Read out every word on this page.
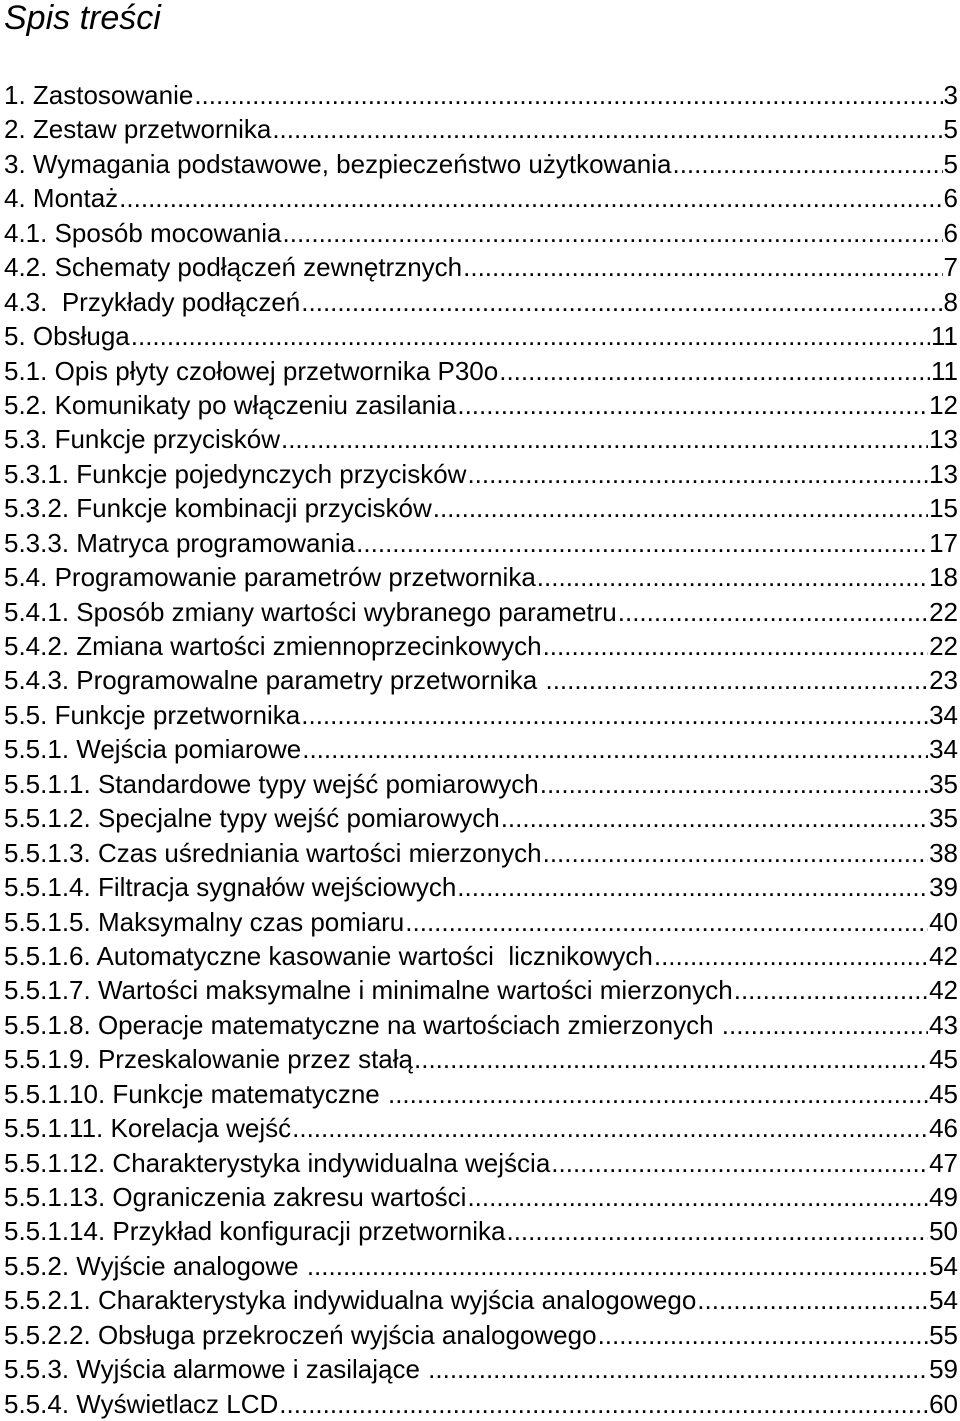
Spis treści
1. Zastosowanie .....	3
2. Zestaw przetwornika .....	5
3. Wymagania podstawowe, bezpieczeństwo użytkowania .....	5
4. Montaż .....	6
4.1. Sposób mocowania .....	6
4.2. Schematy podłączeń zewnętrznych .....	7
4.3.  Przykłady podłączeń .....	8
5. Obsługa .....	11
5.1. Opis płyty czołowej przetwornika P30o .....	11
5.2. Komunikaty po włączeniu zasilania .....	12
5.3. Funkcje przycisków .....	13
5.3.1. Funkcje pojedynczych przycisków .....	13
5.3.2. Funkcje kombinacji przycisków .....	15
5.3.3. Matryca programowania .....	17
5.4. Programowanie parametrów przetwornika .....	18
5.4.1. Sposób zmiany wartości wybranego parametru .....	22
5.4.2. Zmiana wartości zmiennoprzecinkowych .....	22
5.4.3. Programowalne parametry przetwornika .....	23
5.5. Funkcje przetwornika .....	34
5.5.1. Wejścia pomiarowe .....	34
5.5.1.1. Standardowe typy wejść pomiarowych .....	35
5.5.1.2. Specjalne typy wejść pomiarowych .....	35
5.5.1.3. Czas uśredniania wartości mierzonych .....	38
5.5.1.4. Filtracja sygnałów wejściowych .....	39
5.5.1.5. Maksymalny czas pomiaru .....	40
5.5.1.6. Automatyczne kasowanie wartości  licznikowych .....	42
5.5.1.7. Wartości maksymalne i minimalne wartości mierzonych .....	42
5.5.1.8. Operacje matematyczne na wartościach zmierzonych .....	43
5.5.1.9. Przeskalowanie przez stałą .....	45
5.5.1.10. Funkcje matematyczne .....	45
5.5.1.11. Korelacja wejść .....	46
5.5.1.12. Charakterystyka indywidualna wejścia .....	47
5.5.1.13. Ograniczenia zakresu wartości .....	49
5.5.1.14. Przykład konfiguracji przetwornika .....	50
5.5.2. Wyjście analogowe .....	54
5.5.2.1. Charakterystyka indywidualna wyjścia analogowego .....	54
5.5.2.2. Obsługa przekroczeń wyjścia analogowego .....	55
5.5.3. Wyjścia alarmowe i zasilające .....	59
5.5.4. Wyświetlacz LCD .....	60
